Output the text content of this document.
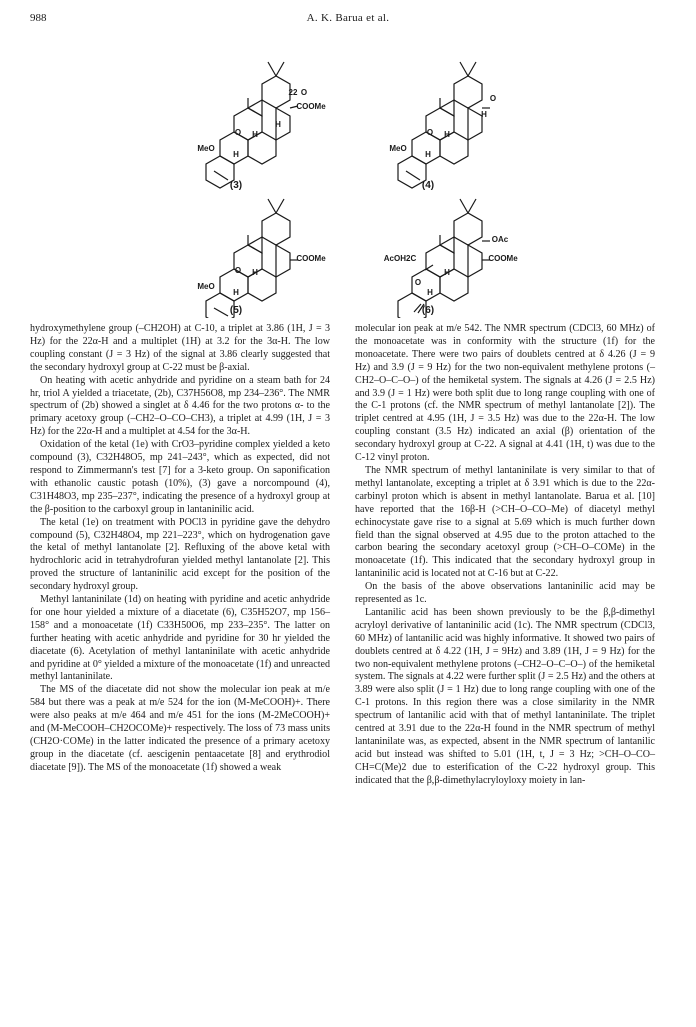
988	A. K. Barua et al.
22 O
COOMe
H
O H
MeO
H
(3)
O
H
O H
MeO
H
(4)
COOMe
O H
MeO
H
(5)
OAc
COOMe
AcOH2C
H
O
H
(6)

hydroxymethylene group (–CH2OH) at C-10, a triplet at 3.86 (1H, J = 3 Hz) for the 22α-H and a multiplet (1H) at 3.2 for the 3α-H. The low coupling constant (J = 3 Hz) of the signal at 3.86 clearly suggested that the secondary hydroxyl group at C-22 must be β-axial.

On heating with acetic anhydride and pyridine on a steam bath for 24 hr, triol A yielded a triacetate, (2b), C37H56O8, mp 234–236°. The NMR spectrum of (2b) showed a singlet at δ 4.46 for the two protons α- to the primary acetoxy group (–CH2–O–CO–CH3), a triplet at 4.99 (1H, J = 3 Hz) for the 22α-H and a multiplet at 4.54 for the 3α-H.

Oxidation of the ketal (1e) with CrO3–pyridine complex yielded a keto compound (3), C32H48O5, mp 241–243°, which as expected, did not respond to Zimmermann's test [7] for a 3-keto group. On saponification with ethanolic caustic potash (10%), (3) gave a norcompound (4), C31H48O3, mp 235–237°, indicating the presence of a hydroxyl group at the β-position to the carboxyl group in lantaninilic acid.

The ketal (1e) on treatment with POCl3 in pyridine gave the dehydro compound (5), C32H48O4, mp 221–223°, which on hydrogenation gave the ketal of methyl lantanolate [2]. Refluxing of the above ketal with hydrochloric acid in tetrahydrofuran yielded methyl lantanolate [2]. This proved the structure of lantaninilic acid except for the position of the secondary hydroxyl group.

Methyl lantaninilate (1d) on heating with pyridine and acetic anhydride for one hour yielded a mixture of a diacetate (6), C35H52O7, mp 156–158° and a monoacetate (1f) C33H50O6, mp 233–235°. The latter on further heating with acetic anhydride and pyridine for 30 hr yielded the diacetate (6). Acetylation of methyl lantaninilate with acetic anhydride and pyridine at 0° yielded a mixture of the monoacetate (1f) and unreacted methyl lantaninilate.

The MS of the diacetate did not show the molecular ion peak at m/e 584 but there was a peak at m/e 524 for the ion (M-MeCOOH)+. There were also peaks at m/e 464 and m/e 451 for the ions (M-2MeCOOH)+ and (M-MeCOOH–CH2OCOMe)+ respectively. The loss of 73 mass units (CH2O·COMe) in the latter indicated the presence of a primary acetoxy group in the diacetate (cf. aescigenin pentaacetate [8] and erythrodiol diacetate [9]). The MS of the monoacetate (1f) showed a weak

molecular ion peak at m/e 542. The NMR spectrum (CDCl3, 60 MHz) of the monoacetate was in conformity with the structure (1f) for the monoacetate. There were two pairs of doublets centred at δ 4.26 (J = 9 Hz) and 3.9 (J = 9 Hz) for the two non-equivalent methylene protons (–CH2–O–C–O–) of the hemiketal system. The signals at 4.26 (J = 2.5 Hz) and 3.9 (J = 1 Hz) were both split due to long range coupling with one of the C-1 protons (cf. the NMR spectrum of methyl lantanolate [2]). The triplet centred at 4.95 (1H, J = 3.5 Hz) was due to the 22α-H. The low coupling constant (3.5 Hz) indicated an axial (β) orientation of the secondary hydroxyl group at C-22. A signal at 4.41 (1H, t) was due to the C-12 vinyl proton.

The NMR spectrum of methyl lantaninilate is very similar to that of methyl lantanolate, excepting a triplet at δ 3.91 which is due to the 22α-carbinyl proton which is absent in methyl lantanolate. Barua et al. [10] have reported that the 16β-H (>CH–O–CO–Me) of diacetyl methyl echinocystate gave rise to a signal at 5.69 which is much further down field than the signal observed at 4.95 due to the proton attached to the carbon bearing the secondary acetoxyl group (>CH–O–COMe) in the monoacetate (1f). This indicated that the secondary hydroxyl group in lantaninilic acid is located not at C-16 but at C-22.

On the basis of the above observations lantaninilic acid may be represented as 1c.

Lantanilic acid has been shown previously to be the β,β-dimethyl acryloyl derivative of lantaninilic acid (1c). The NMR spectrum (CDCl3, 60 MHz) of lantanilic acid was highly informative. It showed two pairs of doublets centred at δ 4.22 (1H, J = 9Hz) and 3.89 (1H, J = 9 Hz) for the two non-equivalent methylene protons (–CH2–O–C–O–) of the hemiketal system. The signals at 4.22 were further split (J = 2.5 Hz) and the others at 3.89 were also split (J = 1 Hz) due to long range coupling with one of the C-1 protons. In this region there was a close similarity in the NMR spectrum of lantanilic acid with that of methyl lantaninilate. The triplet centred at 3.91 due to the 22α-H found in the NMR spectrum of methyl lantaninilate was, as expected, absent in the NMR spectrum of lantanilic acid but instead was shifted to 5.01 (1H, t, J = 3 Hz; >CH–O–CO–CH=C(Me)2 due to esterification of the C-22 hydroxyl group. This indicated that the β,β-dimethylacryloyloxy moiety in lan-
